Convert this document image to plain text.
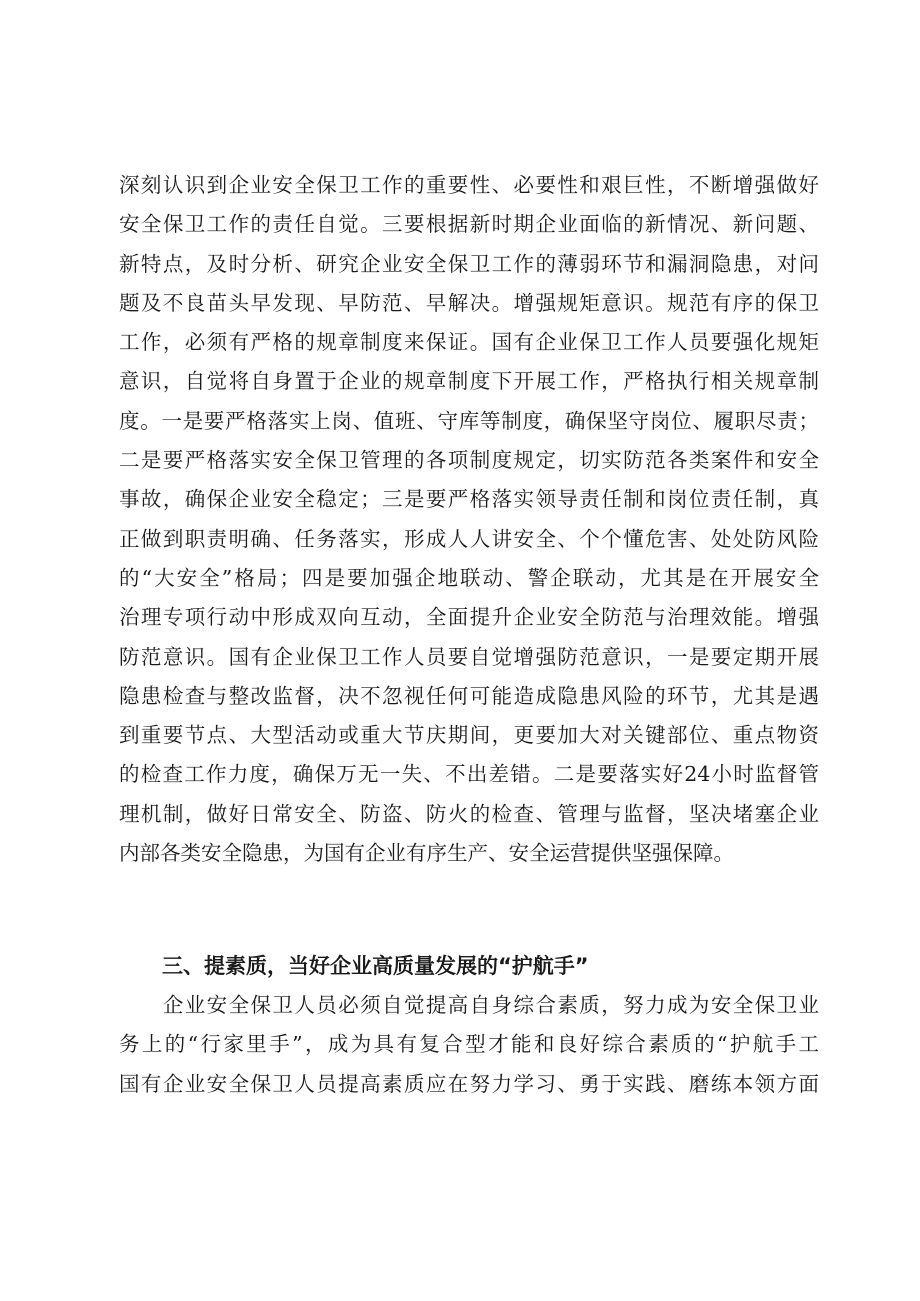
深刻认识到企业安全保卫工作的重要性、必要性和艰巨性，不断增强做好
安全保卫工作的责任自觉。三要根据新时期企业面临的新情况、新问题、
新特点，及时分析、研究企业安全保卫工作的薄弱环节和漏洞隐患，对问
题及不良苗头早发现、早防范、早解决。增强规矩意识。规范有序的保卫
工作，必须有严格的规章制度来保证。国有企业保卫工作人员要强化规矩
意识，自觉将自身置于企业的规章制度下开展工作，严格执行相关规章制
度。一是要严格落实上岗、值班、守库等制度，确保坚守岗位、履职尽责；
二是要严格落实安全保卫管理的各项制度规定，切实防范各类案件和安全
事故，确保企业安全稳定；三是要严格落实领导责任制和岗位责任制，真
正做到职责明确、任务落实，形成人人讲安全、个个懂危害、处处防风险
的“大安全”格局；四是要加强企地联动、警企联动，尤其是在开展安全
治理专项行动中形成双向互动，全面提升企业安全防范与治理效能。增强
防范意识。国有企业保卫工作人员要自觉增强防范意识，一是要定期开展
隐患检查与整改监督，决不忽视任何可能造成隐患风险的环节，尤其是遇
到重要节点、大型活动或重大节庆期间，更要加大对关键部位、重点物资
的检查工作力度，确保万无一失、不出差错。二是要落实好24小时监督管
理机制，做好日常安全、防盗、防火的检查、管理与监督，坚决堵塞企业
内部各类安全隐患，为国有企业有序生产、安全运营提供坚强保障。
三、提素质，当好企业高质量发展的“护航手”
　　企业安全保卫人员必须自觉提高自身综合素质，努力成为安全保卫业
务上的“行家里手”，成为具有复合型才能和良好综合素质的“护航手工
国有企业安全保卫人员提高素质应在努力学习、勇于实践、磨练本领方面
